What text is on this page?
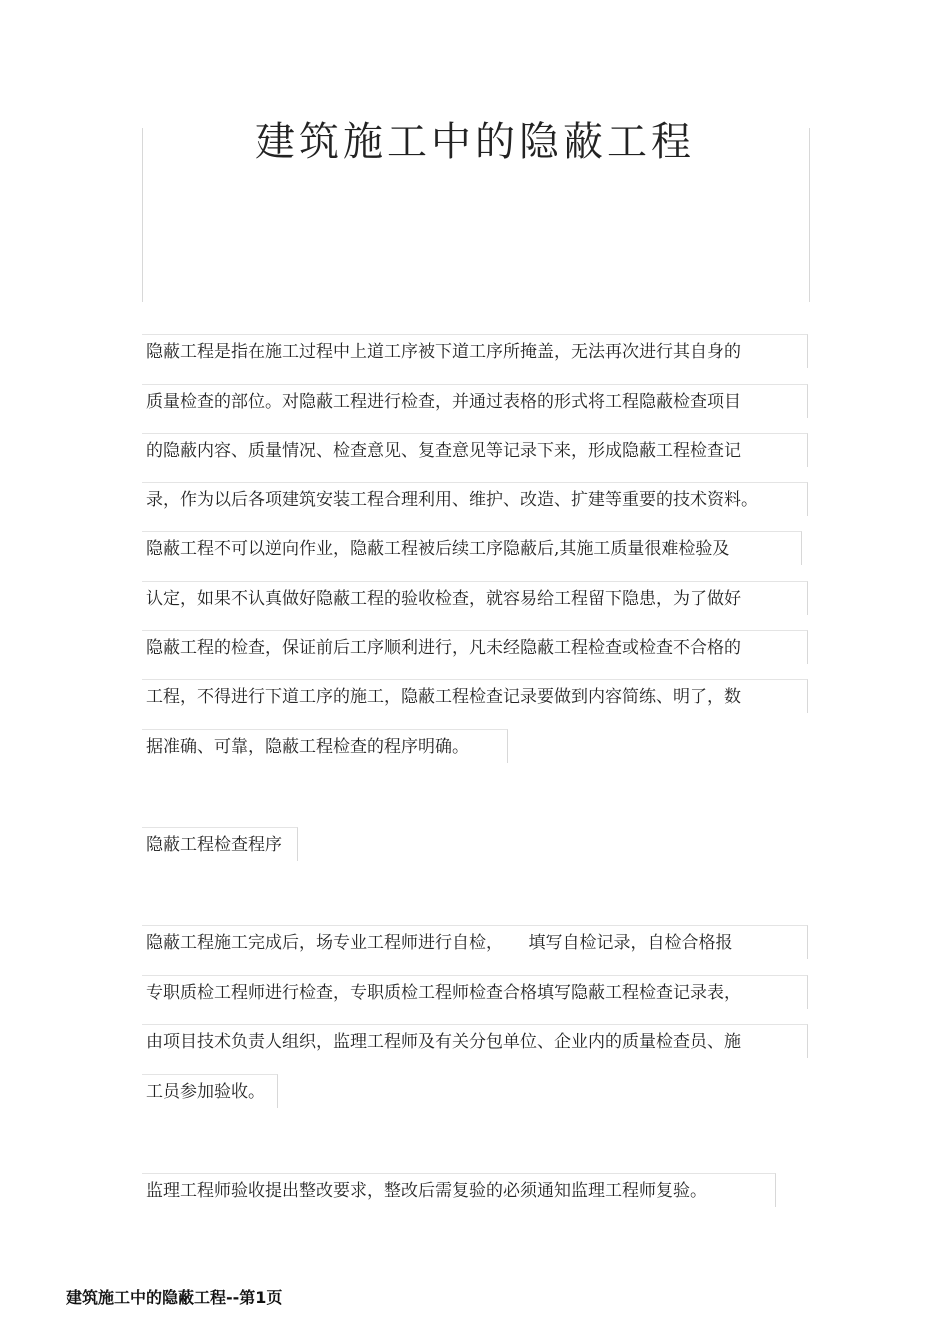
建筑施工中的隐蔽工程
隐蔽工程是指在施工过程中上道工序被下道工序所掩盖，无法再次进行其自身的
质量检查的部位。对隐蔽工程进行检查，并通过表格的形式将工程隐蔽检查项目
的隐蔽内容、质量情况、检查意见、复查意见等记录下来，形成隐蔽工程检查记
录，作为以后各项建筑安装工程合理利用、维护、改造、扩建等重要的技术资料。
隐蔽工程不可以逆向作业，隐蔽工程被后续工序隐蔽后,其施工质量很难检验及
认定，如果不认真做好隐蔽工程的验收检查，就容易给工程留下隐患，为了做好
隐蔽工程的检查，保证前后工序顺利进行，凡未经隐蔽工程检查或检查不合格的
工程，不得进行下道工序的施工，隐蔽工程检查记录要做到内容简练、明了，数
据准确、可靠，隐蔽工程检查的程序明确。
隐蔽工程检查程序
隐蔽工程施工完成后，场专业工程师进行自检，　　填写自检记录，自检合格报
专职质检工程师进行检查，专职质检工程师检查合格填写隐蔽工程检查记录表，
由项目技术负责人组织，监理工程师及有关分包单位、企业内的质量检查员、施
工员参加验收。
监理工程师验收提出整改要求，整改后需复验的必须通知监理工程师复验。
建筑施工中的隐蔽工程--第1页
